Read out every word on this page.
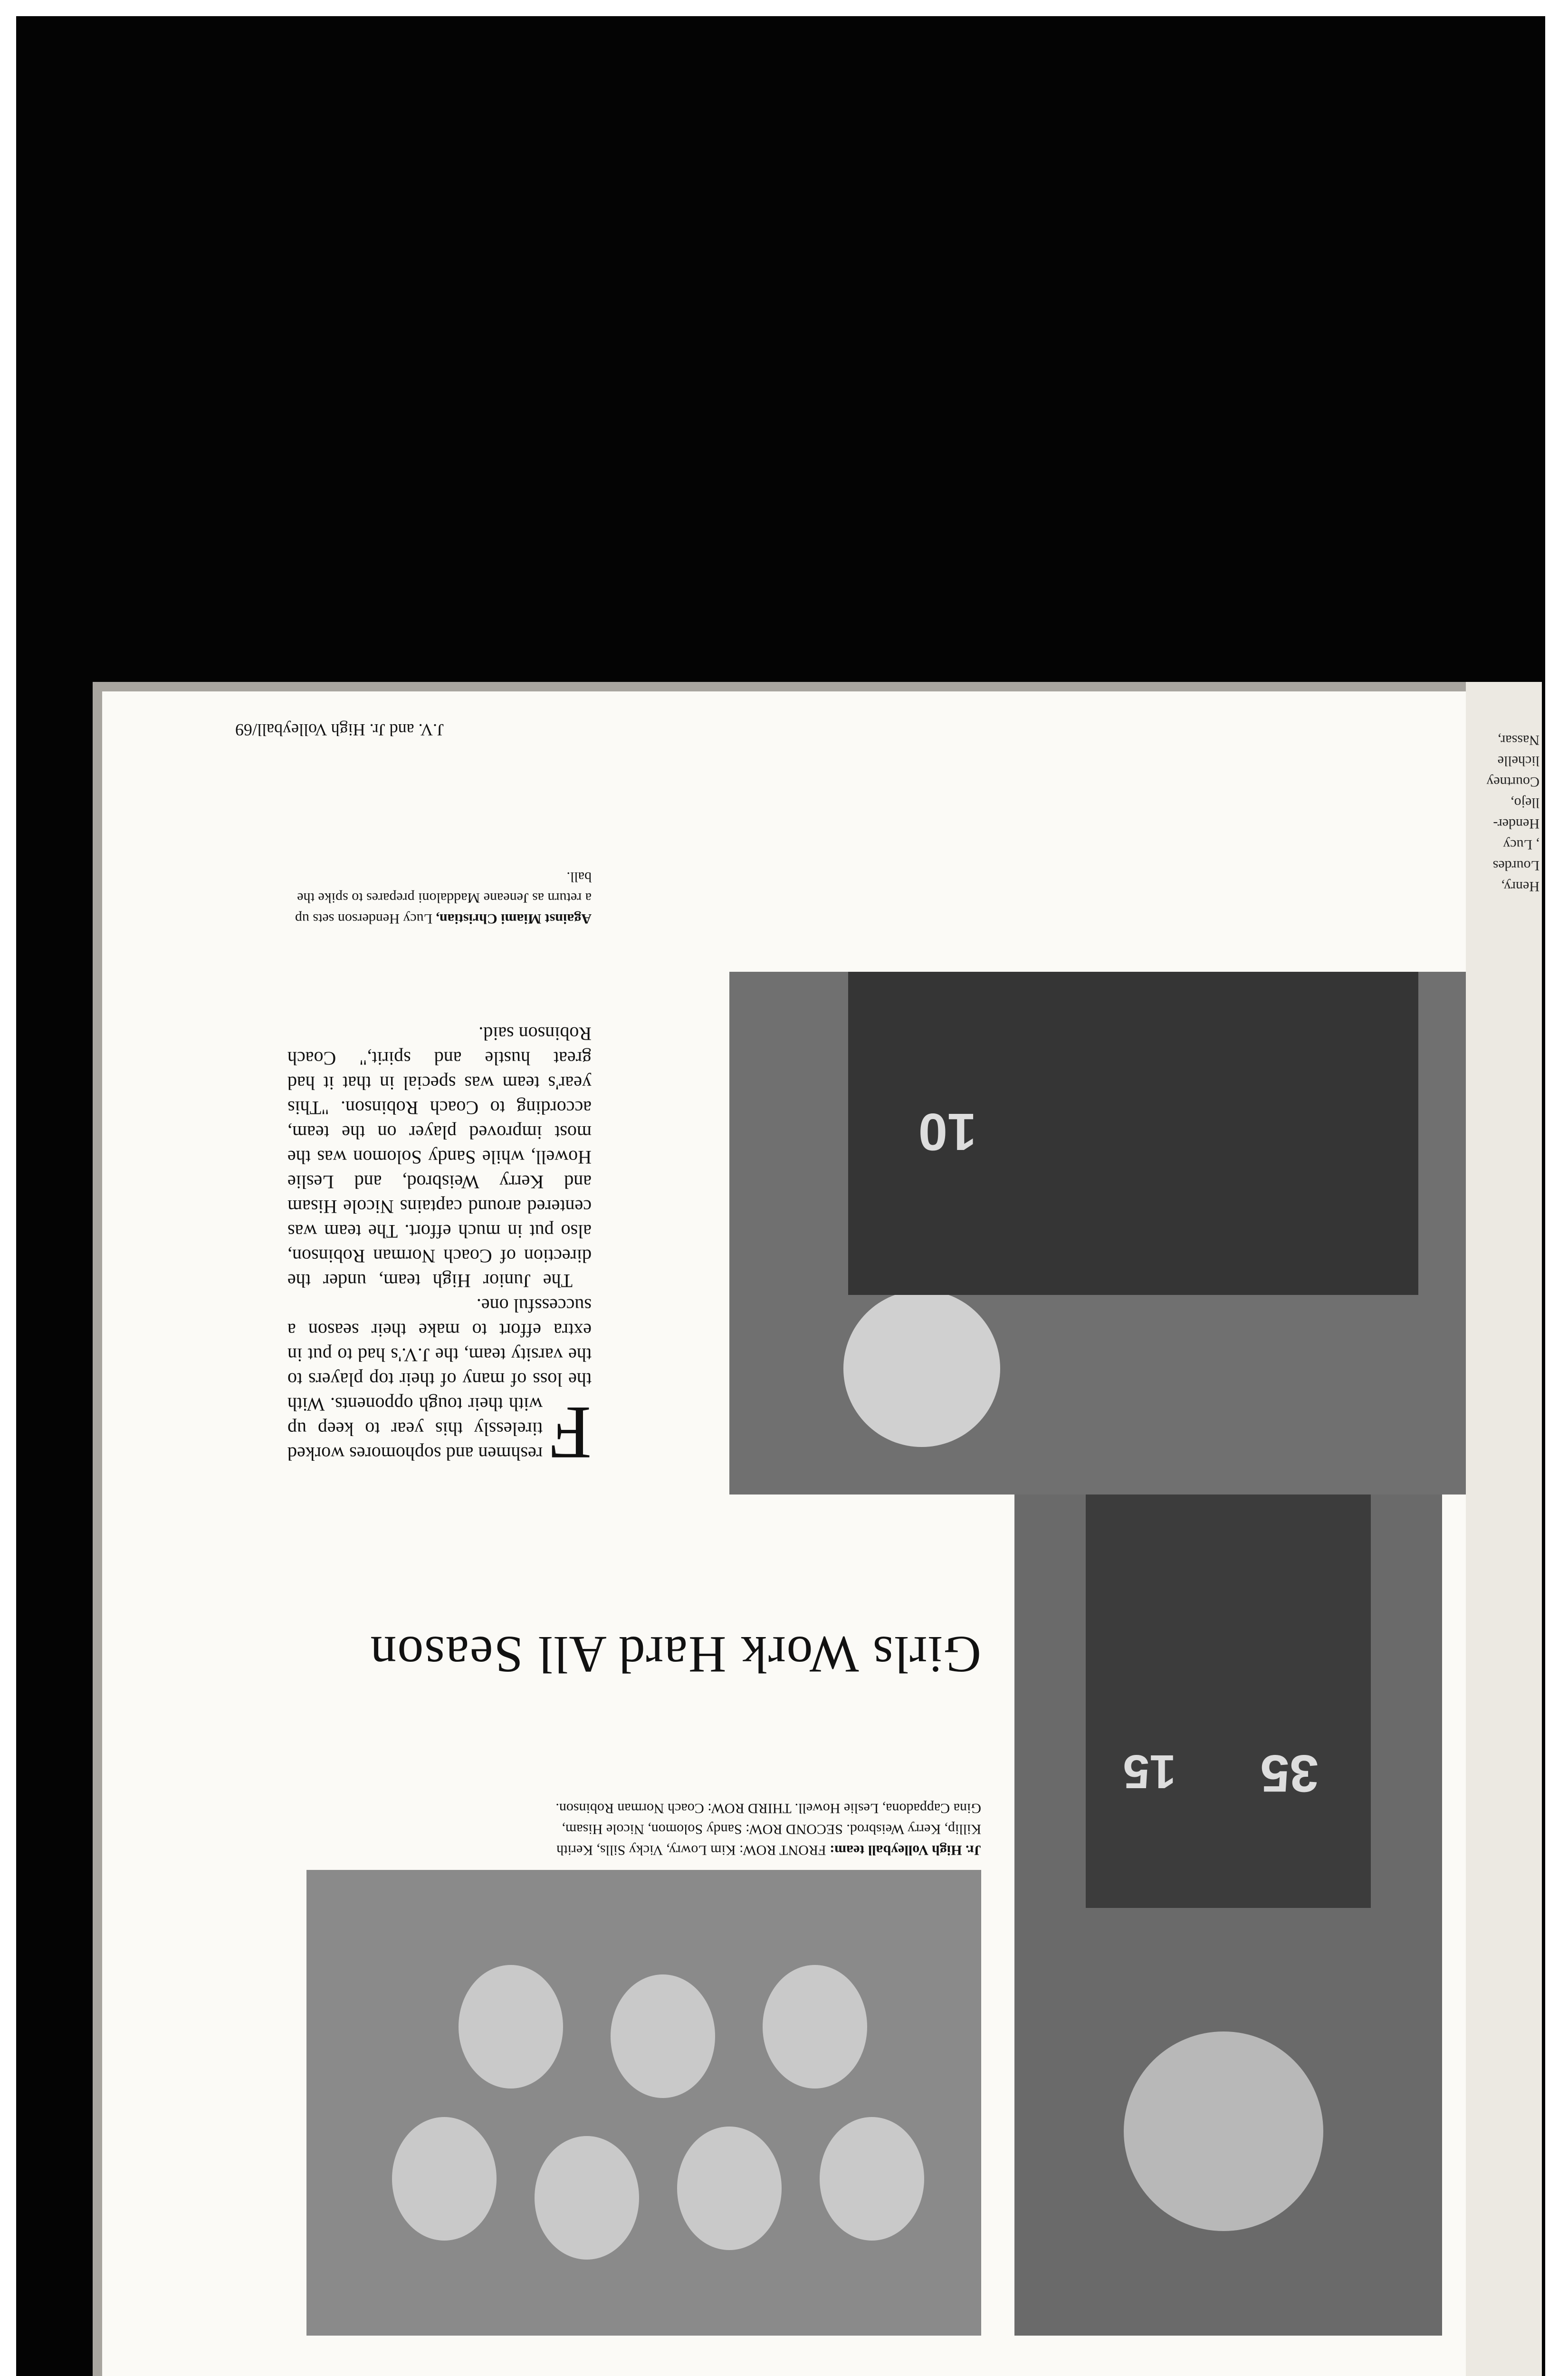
35
15
Jr. High Volleyball team: FRONT ROW: Kim Lowry, Vicky Sills, Kerith Killip, Kerry Weisbrod. SECOND ROW: Sandy Solomon, Nicole Hisam, Gina Cappadona, Leslie Howell. THIRD ROW: Coach Norman Robinson.
Girls Work Hard All Season
10
F
reshmen and sophomores worked tirelessly this year to keep up with their tough opponents. With the loss of many of their top players to the varsity team, the J.V.'s had to put in extra effort to make their season a successful one.

The Junior High team, under the direction of Coach Norman Robinson, also put in much effort. The team was centered around captains Nicole Hisam and Kerry Weisbrod, and Leslie Howell, while Sandy Solomon was the most improved player on the team, according to Coach Robinson. "This year's team was special in that it had great hustle and spirit," Coach Robinson said.

Against Miami Christian, Lucy Henderson sets up a return as Jeneane Maddaloni prepares to spike the ball.
J.V. and Jr. High Volleyball/69
Henry, Lourdes
, Lucy Hender-
llejo, Courtney
lichelle Nassar,
